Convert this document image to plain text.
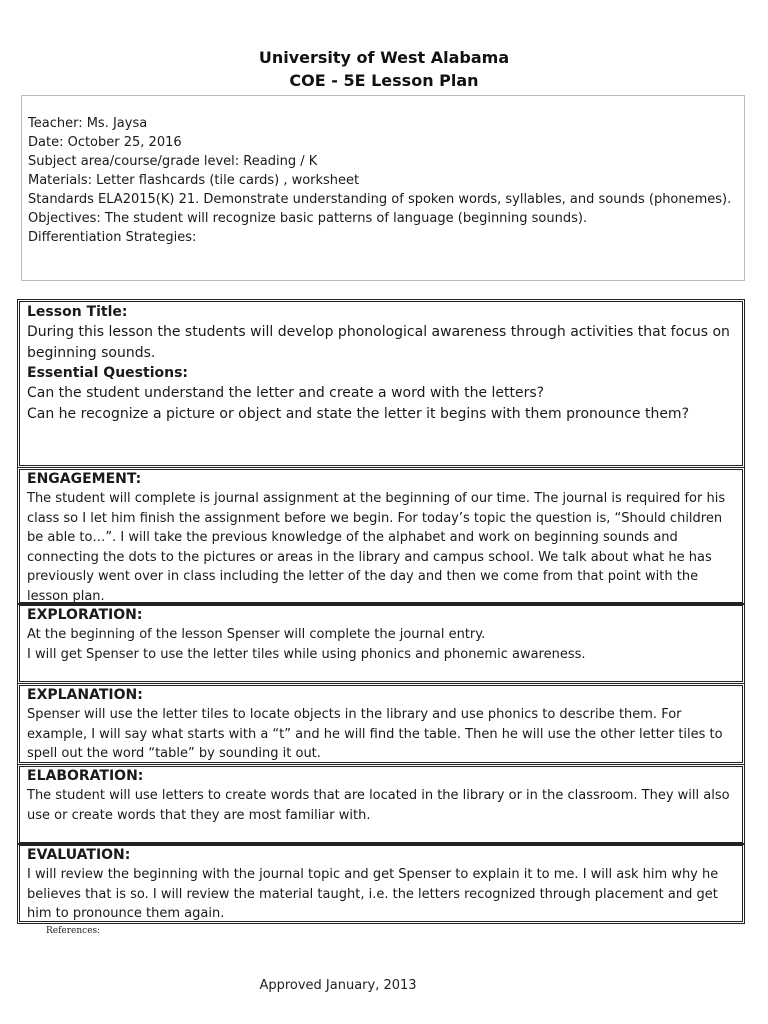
University of West Alabama
COE - 5E Lesson Plan
Teacher: Ms. Jaysa
Date: October 25, 2016
Subject area/course/grade level: Reading / K
Materials: Letter flashcards (tile cards) , worksheet
Standards ELA2015(K) 21. Demonstrate understanding of spoken words, syllables, and sounds (phonemes).
Objectives: The student will recognize basic patterns of language (beginning sounds).
Differentiation Strategies:
Lesson Title:
During this lesson the students will develop phonological awareness through activities that focus on beginning sounds.
Essential Questions:
Can the student understand the letter and create a word with the letters?
Can he recognize a picture or object and state the letter it begins with them pronounce them?
ENGAGEMENT:
The student will complete is journal assignment at the beginning of our time. The journal is required for his class so I let him finish the assignment before we begin. For today’s topic the question is, “Should children be able to…”. I will take the previous knowledge of the alphabet and work on beginning sounds and connecting the dots to the pictures or areas in the library and campus school. We talk about what he has previously went over in class including the letter of the day and then we come from that point with the lesson plan.
EXPLORATION:
At the beginning of the lesson Spenser will complete the journal entry.
I will get Spenser to use the letter tiles while using phonics and phonemic awareness.
EXPLANATION:
Spenser will use the letter tiles to locate objects in the library and use phonics to describe them. For example, I will say what starts with a “t” and he will find the table. Then he will use the other letter tiles to spell out the word “table” by sounding it out.
ELABORATION:
The student will use letters to create words that are located in the library or in the classroom. They will also use or create words that they are most familiar with.
EVALUATION:
I will review the beginning with the journal topic and get Spenser to explain it to me. I will ask him why he believes that is so. I will review the material taught, i.e. the letters recognized through placement and get him to pronounce them again.
References:
Approved January, 2013
